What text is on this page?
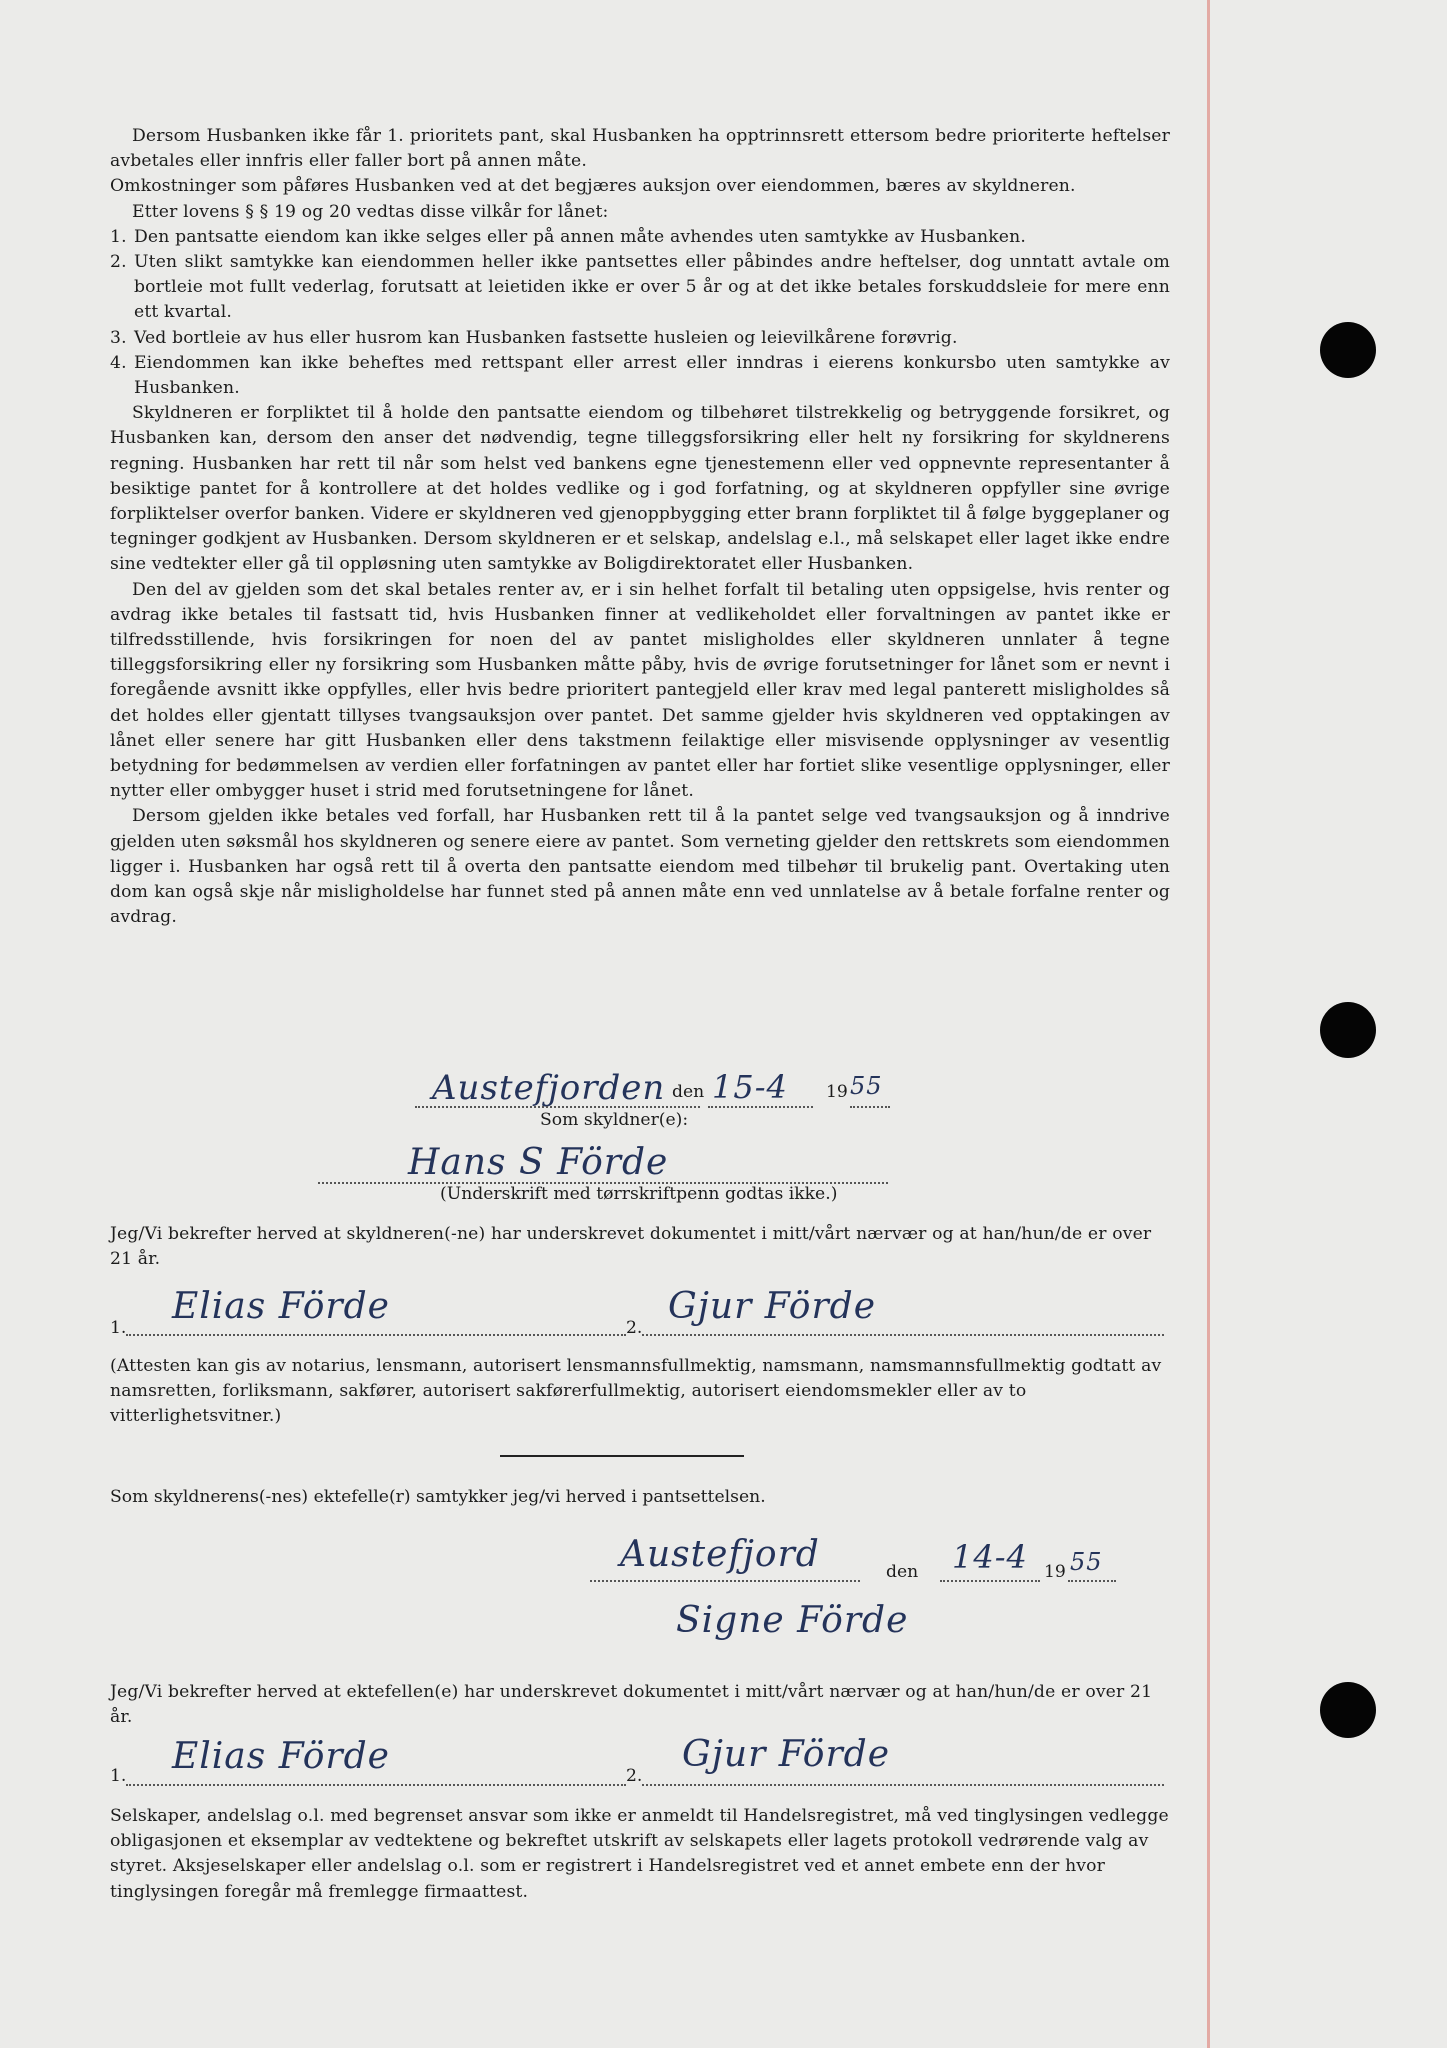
Dersom Husbanken ikke får 1. prioritets pant, skal Husbanken ha opptrinnsrett ettersom bedre prioriterte heftelser avbetales eller innfris eller faller bort på annen måte.

Omkostninger som påføres Husbanken ved at det begjæres auksjon over eiendommen, bæres av skyldneren.

Etter lovens § § 19 og 20 vedtas disse vilkår for lånet:

1. Den pantsatte eiendom kan ikke selges eller på annen måte avhendes uten samtykke av Husbanken.

2. Uten slikt samtykke kan eiendommen heller ikke pantsettes eller påbindes andre heftelser, dog unntatt avtale om bortleie mot fullt vederlag, forutsatt at leietiden ikke er over 5 år og at det ikke betales forskuddsleie for mere enn ett kvartal.

3. Ved bortleie av hus eller husrom kan Husbanken fastsette husleien og leievilkårene forøvrig.

4. Eiendommen kan ikke beheftes med rettspant eller arrest eller inndras i eierens konkursbo uten samtykke av Husbanken.

Skyldneren er forpliktet til å holde den pantsatte eiendom og tilbehøret tilstrekkelig og betryggende forsikret, og Husbanken kan, dersom den anser det nødvendig, tegne tilleggsforsikring eller helt ny forsikring for skyldnerens regning. Husbanken har rett til når som helst ved bankens egne tjenestemenn eller ved oppnevnte representanter å besiktige pantet for å kontrollere at det holdes vedlike og i god forfatning, og at skyldneren oppfyller sine øvrige forpliktelser overfor banken. Videre er skyldneren ved gjenoppbygging etter brann forpliktet til å følge byggeplaner og tegninger godkjent av Husbanken. Dersom skyldneren er et selskap, andelslag e.l., må selskapet eller laget ikke endre sine vedtekter eller gå til oppløsning uten samtykke av Boligdirektoratet eller Husbanken.

Den del av gjelden som det skal betales renter av, er i sin helhet forfalt til betaling uten oppsigelse, hvis renter og avdrag ikke betales til fastsatt tid, hvis Husbanken finner at vedlikeholdet eller forvaltningen av pantet ikke er tilfredsstillende, hvis forsikringen for noen del av pantet misligholdes eller skyldneren unnlater å tegne tilleggsforsikring eller ny forsikring som Husbanken måtte påby, hvis de øvrige forutsetninger for lånet som er nevnt i foregående avsnitt ikke oppfylles, eller hvis bedre prioritert pantegjeld eller krav med legal panterett misligholdes så det holdes eller gjentatt tillyses tvangsauksjon over pantet. Det samme gjelder hvis skyldneren ved opptakingen av lånet eller senere har gitt Husbanken eller dens takstmenn feilaktige eller misvisende opplysninger av vesentlig betydning for bedømmelsen av verdien eller forfatningen av pantet eller har fortiet slike vesentlige opplysninger, eller nytter eller ombygger huset i strid med forutsetningene for lånet.

Dersom gjelden ikke betales ved forfall, har Husbanken rett til å la pantet selge ved tvangsauksjon og å inndrive gjelden uten søksmål hos skyldneren og senere eiere av pantet. Som verneting gjelder den rettskrets som eiendommen ligger i. Husbanken har også rett til å overta den pantsatte eiendom med tilbehør til brukelig pant. Overtaking uten dom kan også skje når misligholdelse har funnet sted på annen måte enn ved unnlatelse av å betale forfalne renter og avdrag.

Austefjorden den 15-4 19 55
Som skyldner(e):
Hans S Förde
(Underskrift med tørrskriftpenn godtas ikke.)
Jeg/Vi bekrefter herved at skyldneren(-ne) har underskrevet dokumentet i mitt/vårt nærvær og at han/hun/de er over 21 år.
1.
Elias Förde
2.
Gjur Förde
(Attesten kan gis av notarius, lensmann, autorisert lensmannsfullmektig, namsmann, namsmannsfullmektig godtatt av namsretten, forliksmann, sakfører, autorisert sakførerfullmektig, autorisert eiendomsmekler eller av to vitterlighetsvitner.)
Som skyldnerens(-nes) ektefelle(r) samtykker jeg/vi herved i pantsettelsen.
Austefjord	den 14-4 19 55
Signe Förde
Jeg/Vi bekrefter herved at ektefellen(e) har underskrevet dokumentet i mitt/vårt nærvær og at han/hun/de er over 21 år.
1. Elias Förde	2.
Gjur Förde
Selskaper, andelslag o.l. med begrenset ansvar som ikke er anmeldt til Handelsregistret, må ved tinglysingen vedlegge obligasjonen et eksemplar av vedtektene og bekreftet utskrift av selskapets eller lagets protokoll vedrørende valg av styret. Aksjeselskaper eller andelslag o.l. som er registrert i Handelsregistret ved et annet embete enn der hvor tinglysingen foregår må fremlegge firmaattest.
